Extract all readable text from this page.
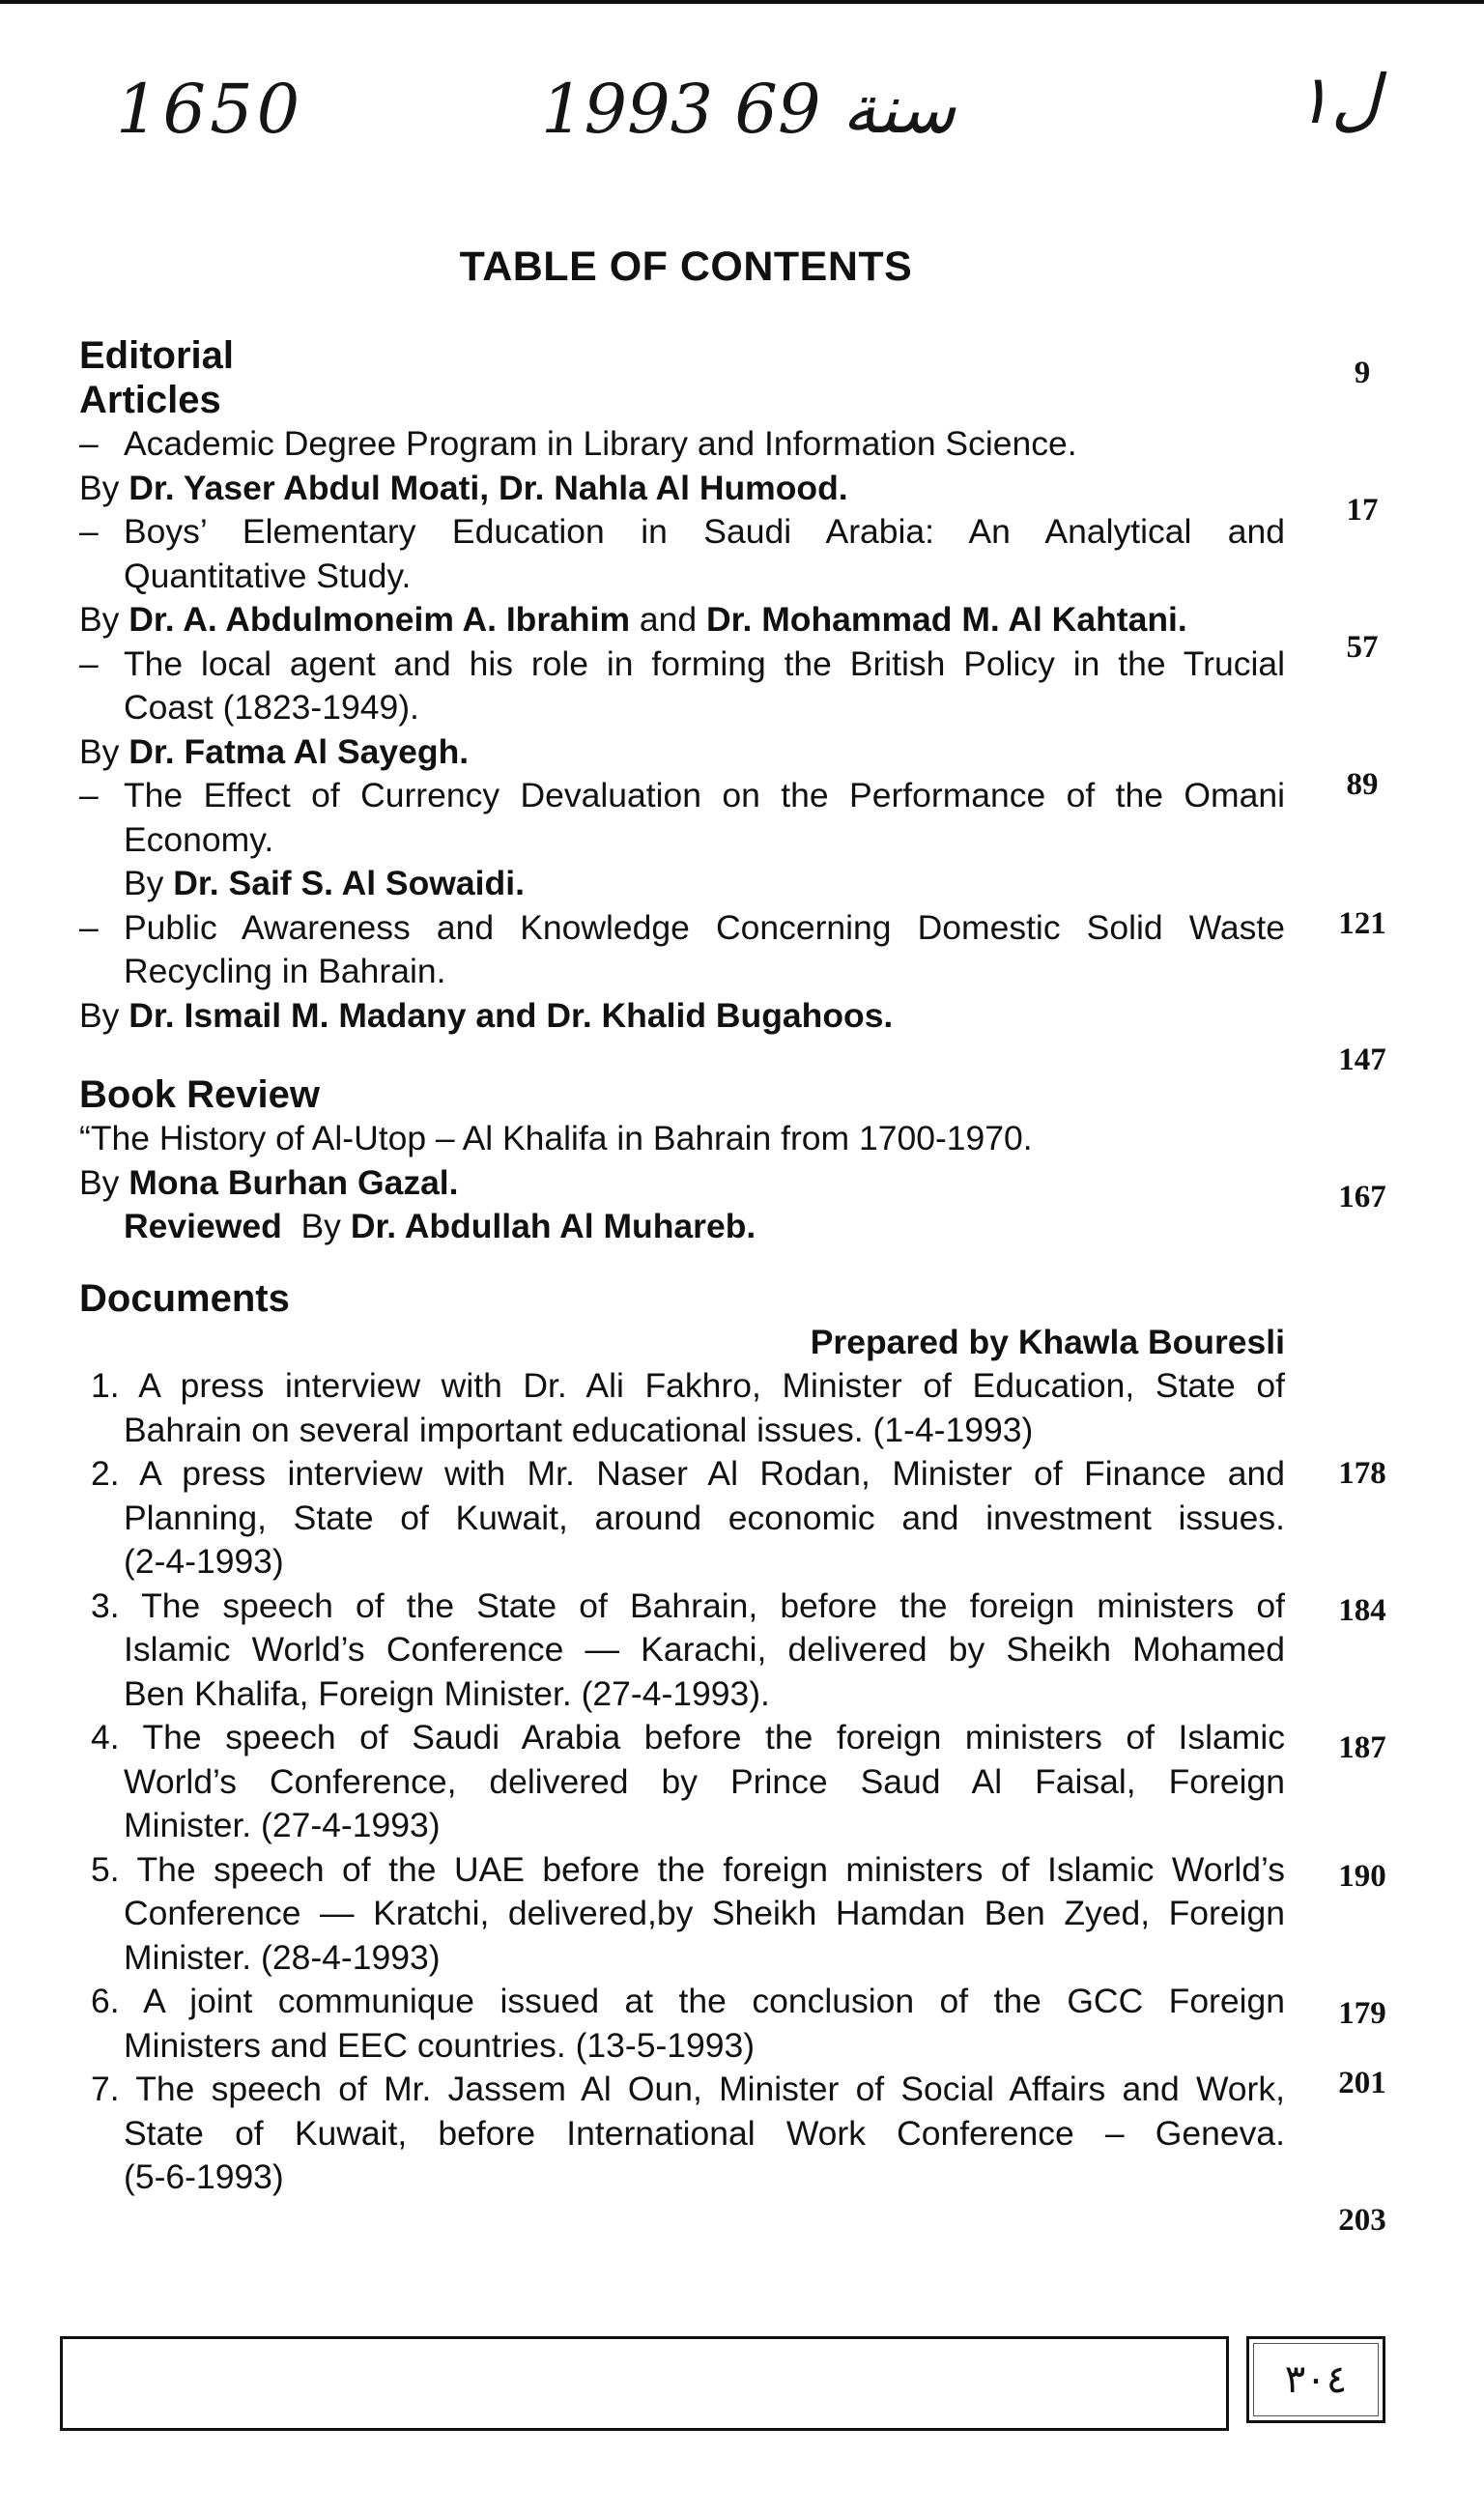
1650	1993 سنة 69	ل١
TABLE OF CONTENTS
9
17
57
89
121
147
167
178
184
187
190
179
201
203
Editorial
Articles
– Academic Degree Program in Library and Information Science.
By Dr. Yaser Abdul Moati, Dr. Nahla Al Humood.
– Boys’ Elementary Education in Saudi Arabia: An Analytical and
Quantitative Study.
By Dr. A. Abdulmoneim A. Ibrahim and Dr. Mohammad M. Al Kahtani.
– The local agent and his role in forming the British Policy in the Trucial
Coast (1823-1949).
By Dr. Fatma Al Sayegh.
– The Effect of Currency Devaluation on the Performance of the Omani
Economy.
By Dr. Saif S. Al Sowaidi.
– Public Awareness and Knowledge Concerning Domestic Solid Waste
Recycling in Bahrain.
By Dr. Ismail M. Madany and Dr. Khalid Bugahoos.
Book Review
“The History of Al-Utop – Al Khalifa in Bahrain from 1700-1970.
By Mona Burhan Gazal.
Reviewed  By Dr. Abdullah Al Muhareb.
Documents
Prepared by Khawla Bouresli
1. A press interview with Dr. Ali Fakhro, Minister of Education, State of
Bahrain on several important educational issues. (1-4-1993)
2. A press interview with Mr. Naser Al Rodan, Minister of Finance and
Planning, State of Kuwait, around economic and investment issues.
(2-4-1993)
3. The speech of the State of Bahrain, before the foreign ministers of
Islamic World’s Conference — Karachi, delivered by Sheikh Mohamed
Ben Khalifa, Foreign Minister. (27-4-1993).
4. The speech of Saudi Arabia before the foreign ministers of Islamic
World’s Conference, delivered by Prince Saud Al Faisal, Foreign
Minister. (27-4-1993)
5. The speech of the UAE before the foreign ministers of Islamic World’s
Conference — Kratchi, delivered,by Sheikh Hamdan Ben Zyed, Foreign
Minister. (28-4-1993)
6. A joint communique issued at the conclusion of the GCC Foreign
Ministers and EEC countries. (13-5-1993)
7. The speech of Mr. Jassem Al Oun, Minister of Social Affairs and Work,
State of Kuwait, before International Work Conference – Geneva.
(5-6-1993)
٣٠٤
